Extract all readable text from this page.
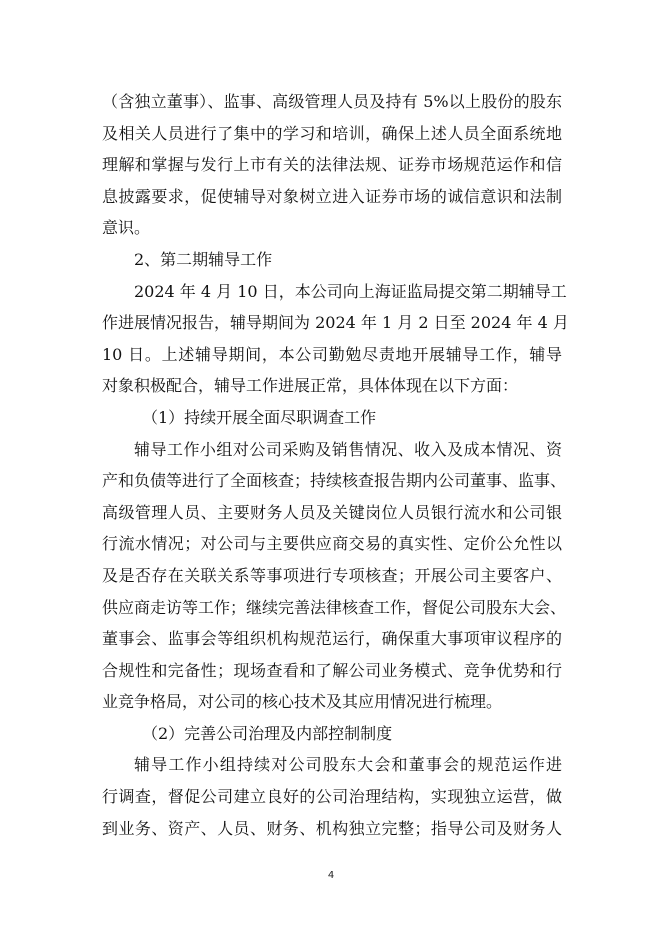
（含独立董事）、监事、高级管理人员及持有 5%以上股份的股东
及相关人员进行了集中的学习和培训，确保上述人员全面系统地
理解和掌握与发行上市有关的法律法规、证券市场规范运作和信
息披露要求，促使辅导对象树立进入证券市场的诚信意识和法制
意识。
2、第二期辅导工作
2024 年 4 月 10 日，本公司向上海证监局提交第二期辅导工
作进展情况报告，辅导期间为 2024 年 1 月 2 日至 2024 年 4 月
10 日。上述辅导期间，本公司勤勉尽责地开展辅导工作，辅导
对象积极配合，辅导工作进展正常，具体体现在以下方面：
（1）持续开展全面尽职调查工作
辅导工作小组对公司采购及销售情况、收入及成本情况、资
产和负债等进行了全面核查；持续核查报告期内公司董事、监事、
高级管理人员、主要财务人员及关键岗位人员银行流水和公司银
行流水情况；对公司与主要供应商交易的真实性、定价公允性以
及是否存在关联关系等事项进行专项核查；开展公司主要客户、
供应商走访等工作；继续完善法律核查工作，督促公司股东大会、
董事会、监事会等组织机构规范运行，确保重大事项审议程序的
合规性和完备性；现场查看和了解公司业务模式、竞争优势和行
业竞争格局，对公司的核心技术及其应用情况进行梳理。
（2）完善公司治理及内部控制制度
辅导工作小组持续对公司股东大会和董事会的规范运作进
行调查，督促公司建立良好的公司治理结构，实现独立运营，做
到业务、资产、人员、财务、机构独立完整；指导公司及财务人
4
